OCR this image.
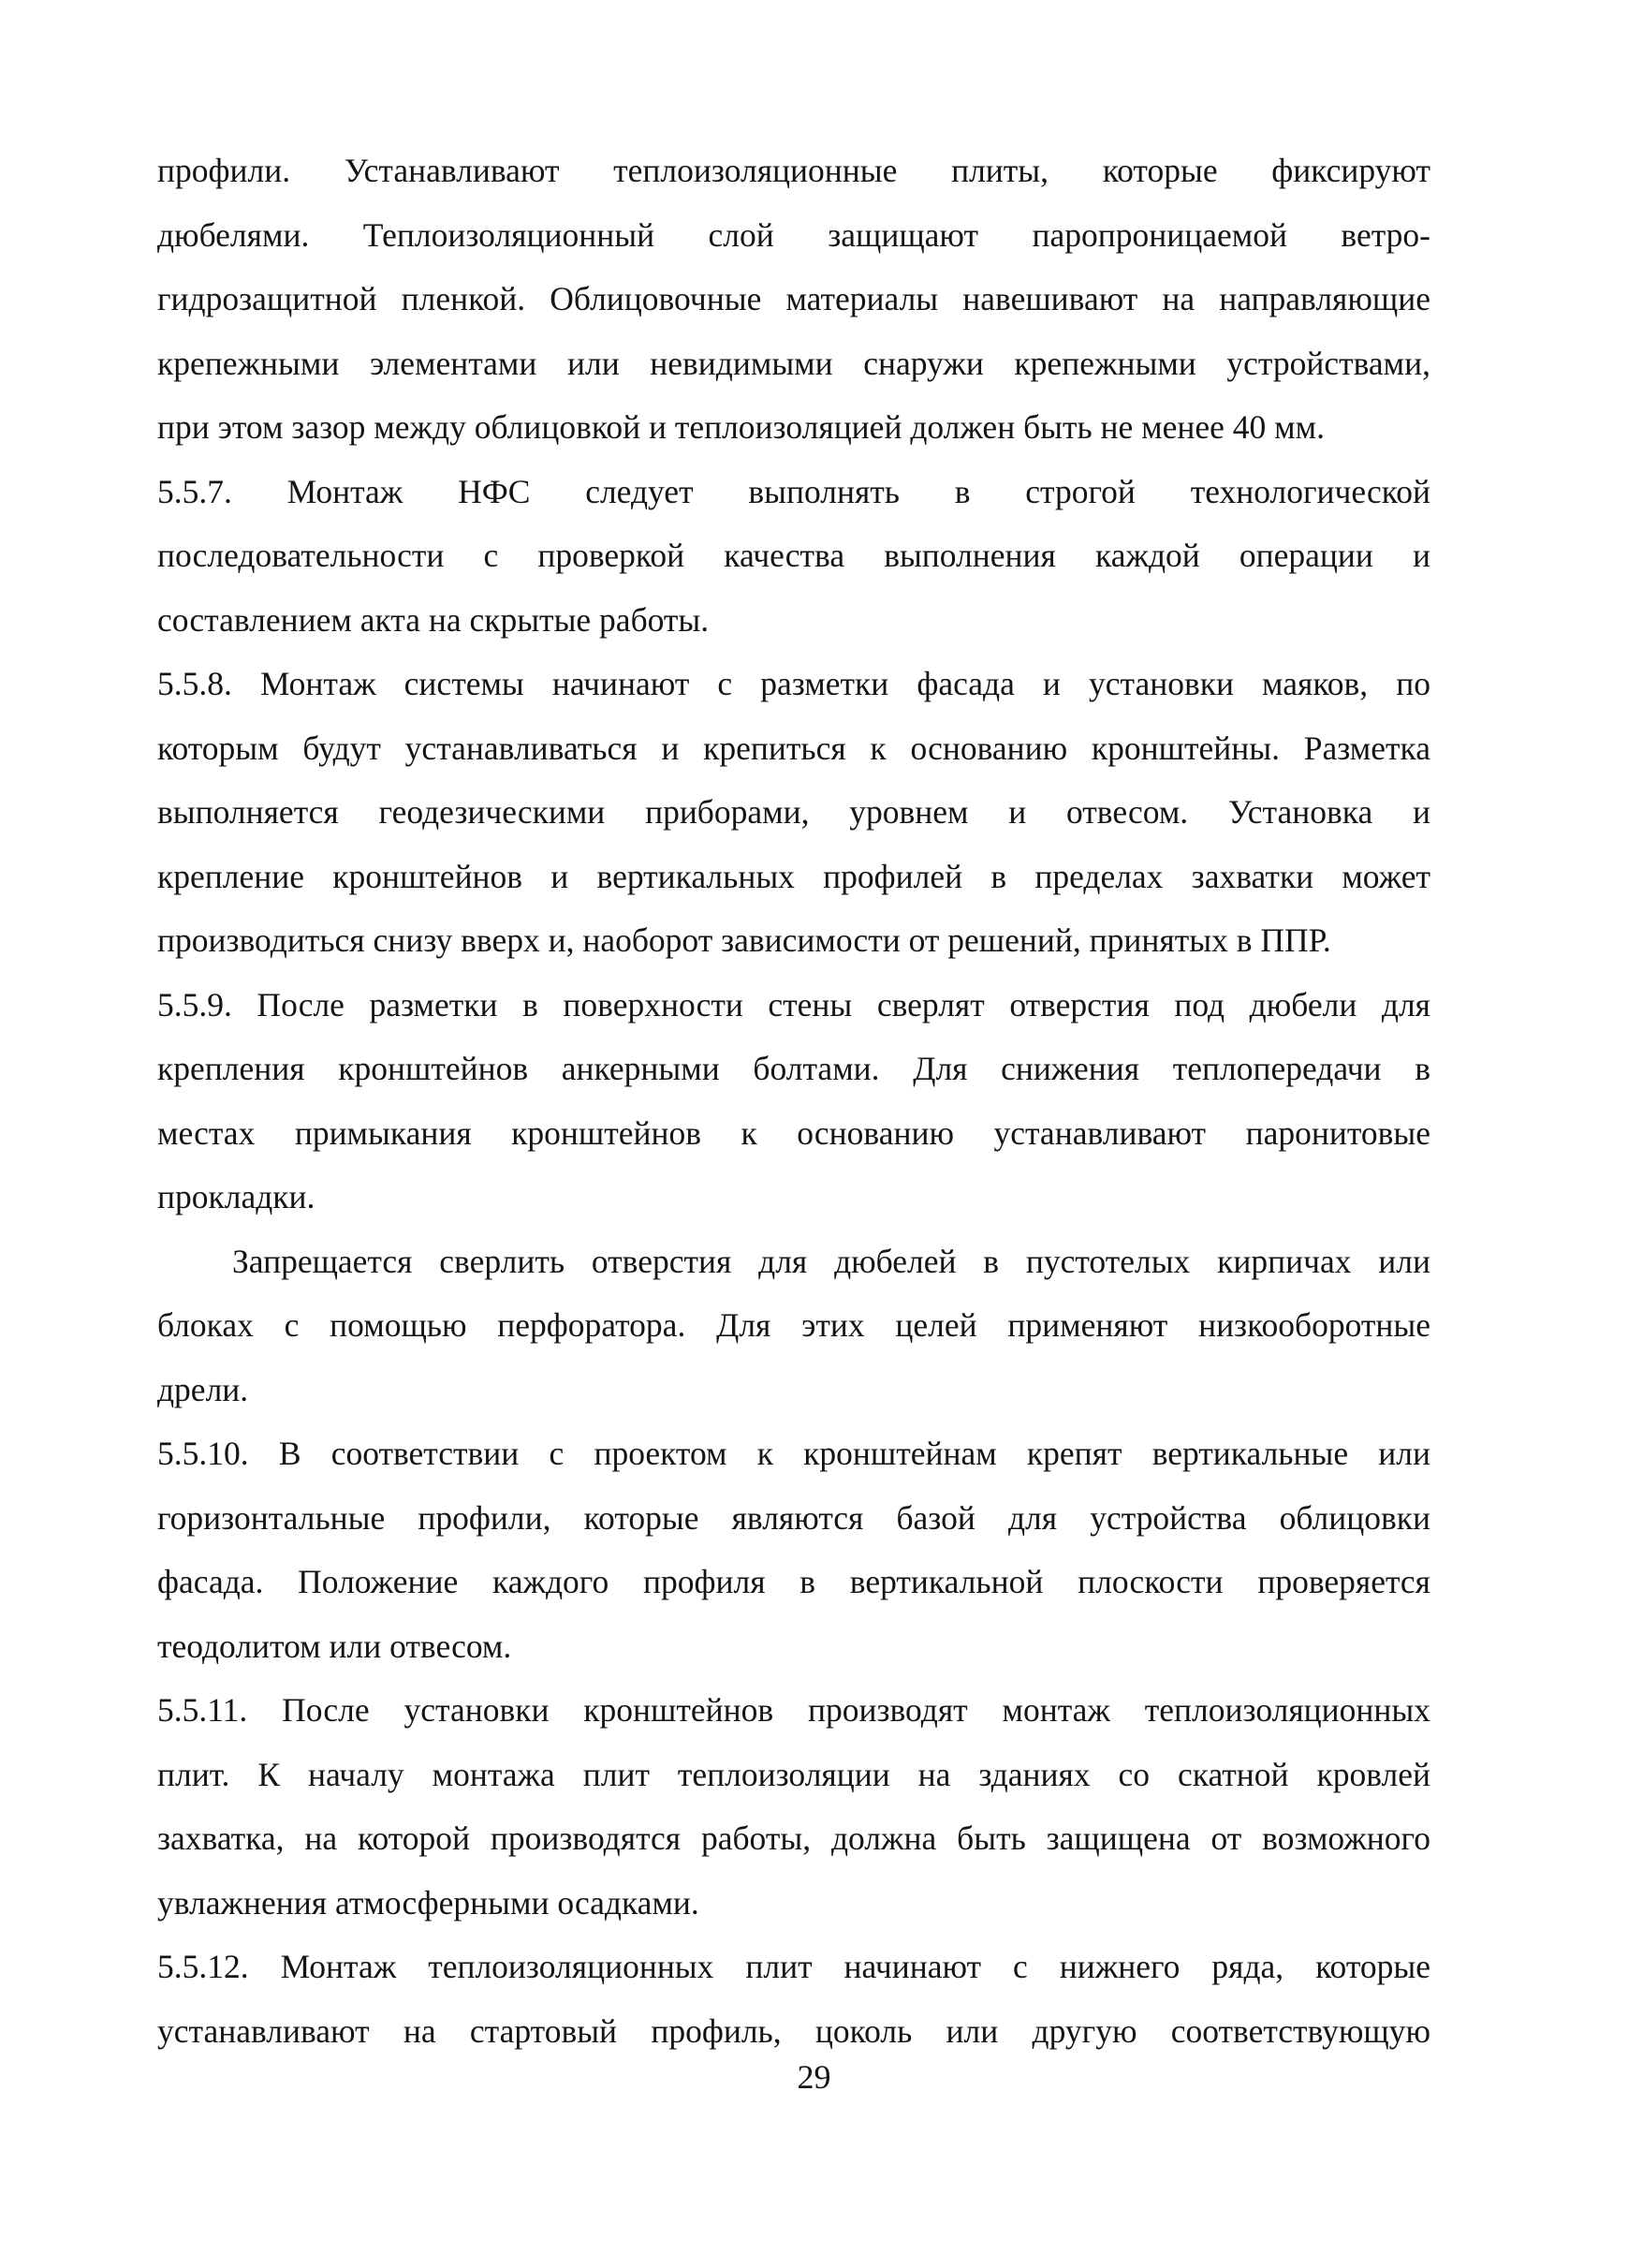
профили. Устанавливают теплоизоляционные плиты, которые фиксируют
дюбелями. Теплоизоляционный слой защищают паропроницаемой ветро-
гидрозащитной пленкой. Облицовочные материалы навешивают на направляющие
крепежными элементами или невидимыми снаружи крепежными устройствами,
при этом зазор между облицовкой и теплоизоляцией должен быть не менее 40 мм.
5.5.7. Монтаж НФС следует выполнять в строгой технологической
последовательности с проверкой качества выполнения каждой операции и
составлением акта на скрытые работы.
5.5.8. Монтаж системы начинают с разметки фасада и установки маяков, по
которым будут устанавливаться и крепиться к основанию кронштейны. Разметка
выполняется геодезическими приборами, уровнем и отвесом. Установка и
крепление кронштейнов и вертикальных профилей в пределах захватки может
производиться снизу вверх и, наоборот зависимости от решений, принятых в ППР.
5.5.9. После разметки в поверхности стены сверлят отверстия под дюбели для
крепления кронштейнов анкерными болтами. Для снижения теплопередачи в
местах примыкания кронштейнов к основанию устанавливают паронитовые
прокладки.
Запрещается сверлить отверстия для дюбелей в пустотелых кирпичах или
блоках с помощью перфоратора. Для этих целей применяют низкооборотные
дрели.
5.5.10. В соответствии с проектом к кронштейнам крепят вертикальные или
горизонтальные профили, которые являются базой для устройства облицовки
фасада. Положение каждого профиля в вертикальной плоскости проверяется
теодолитом или отвесом.
5.5.11. После установки кронштейнов производят монтаж теплоизоляционных
плит. К началу монтажа плит теплоизоляции на зданиях со скатной кровлей
захватка, на которой производятся работы, должна быть защищена от возможного
увлажнения атмосферными осадками.
5.5.12. Монтаж теплоизоляционных плит начинают с нижнего ряда, которые
устанавливают на стартовый профиль, цоколь или другую соответствующую
29
